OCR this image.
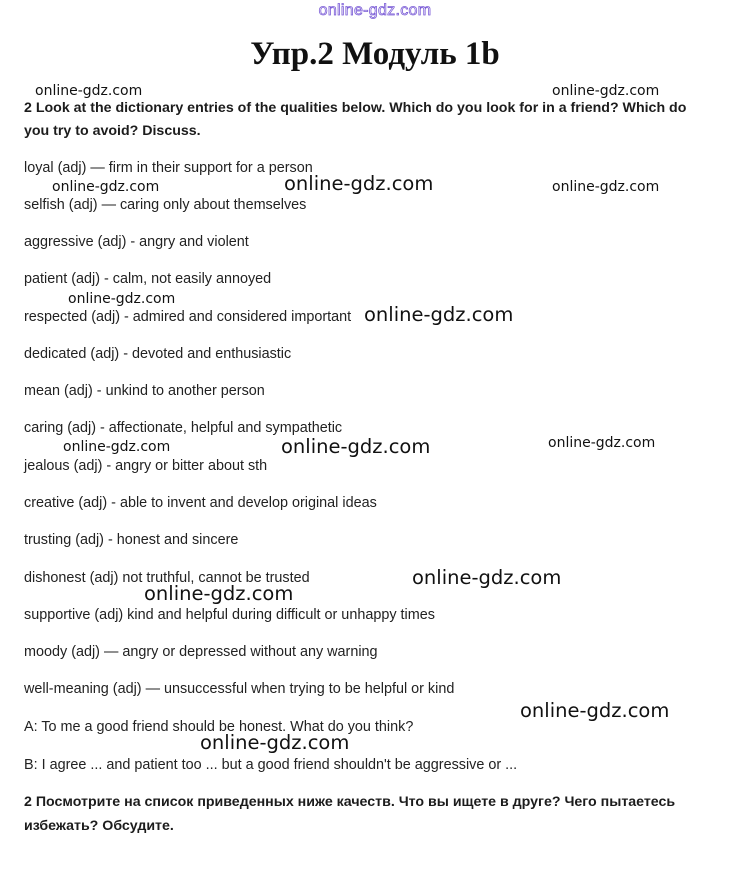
online-gdz.com
Упр.2 Модуль 1b
online-gdz.com	online-gdz.com
2 Look at the dictionary entries of the qualities below. Which do you look for in a friend? Which do
you try to avoid? Discuss.
loyal (adj) — firm in their support for a person
online-gdz.com	online-gdz.com	online-gdz.com
selfish (adj) — caring only about themselves
aggressive (adj) - angry and violent
patient (adj) - calm, not easily annoyed
online-gdz.com
respected (adj) - admired and considered important online-gdz.com
dedicated (adj) - devoted and enthusiastic
mean (adj) - unkind to another person
caring (adj) - affectionate, helpful and sympathetic
online-gdz.com	online-gdz.com	online-gdz.com
jealous (adj) - angry or bitter about sth
creative (adj) - able to invent and develop original ideas
trusting (adj) - honest and sincere
dishonest (adj) not truthful, cannot be trusted	online-gdz.com
online-gdz.com
supportive (adj) kind and helpful during difficult or unhappy times
moody (adj) — angry or depressed without any warning
well-meaning (adj) — unsuccessful when trying to be helpful or kind
online-gdz.com
A: To me a good friend should be honest. What do you think?
online-gdz.com
B: I agree ... and patient too ... but a good friend shouldn't be aggressive or ...
2 Посмотрите на список приведенных ниже качеств. Что вы ищете в друге? Чего пытаетесь
избежать? Обсудите.
